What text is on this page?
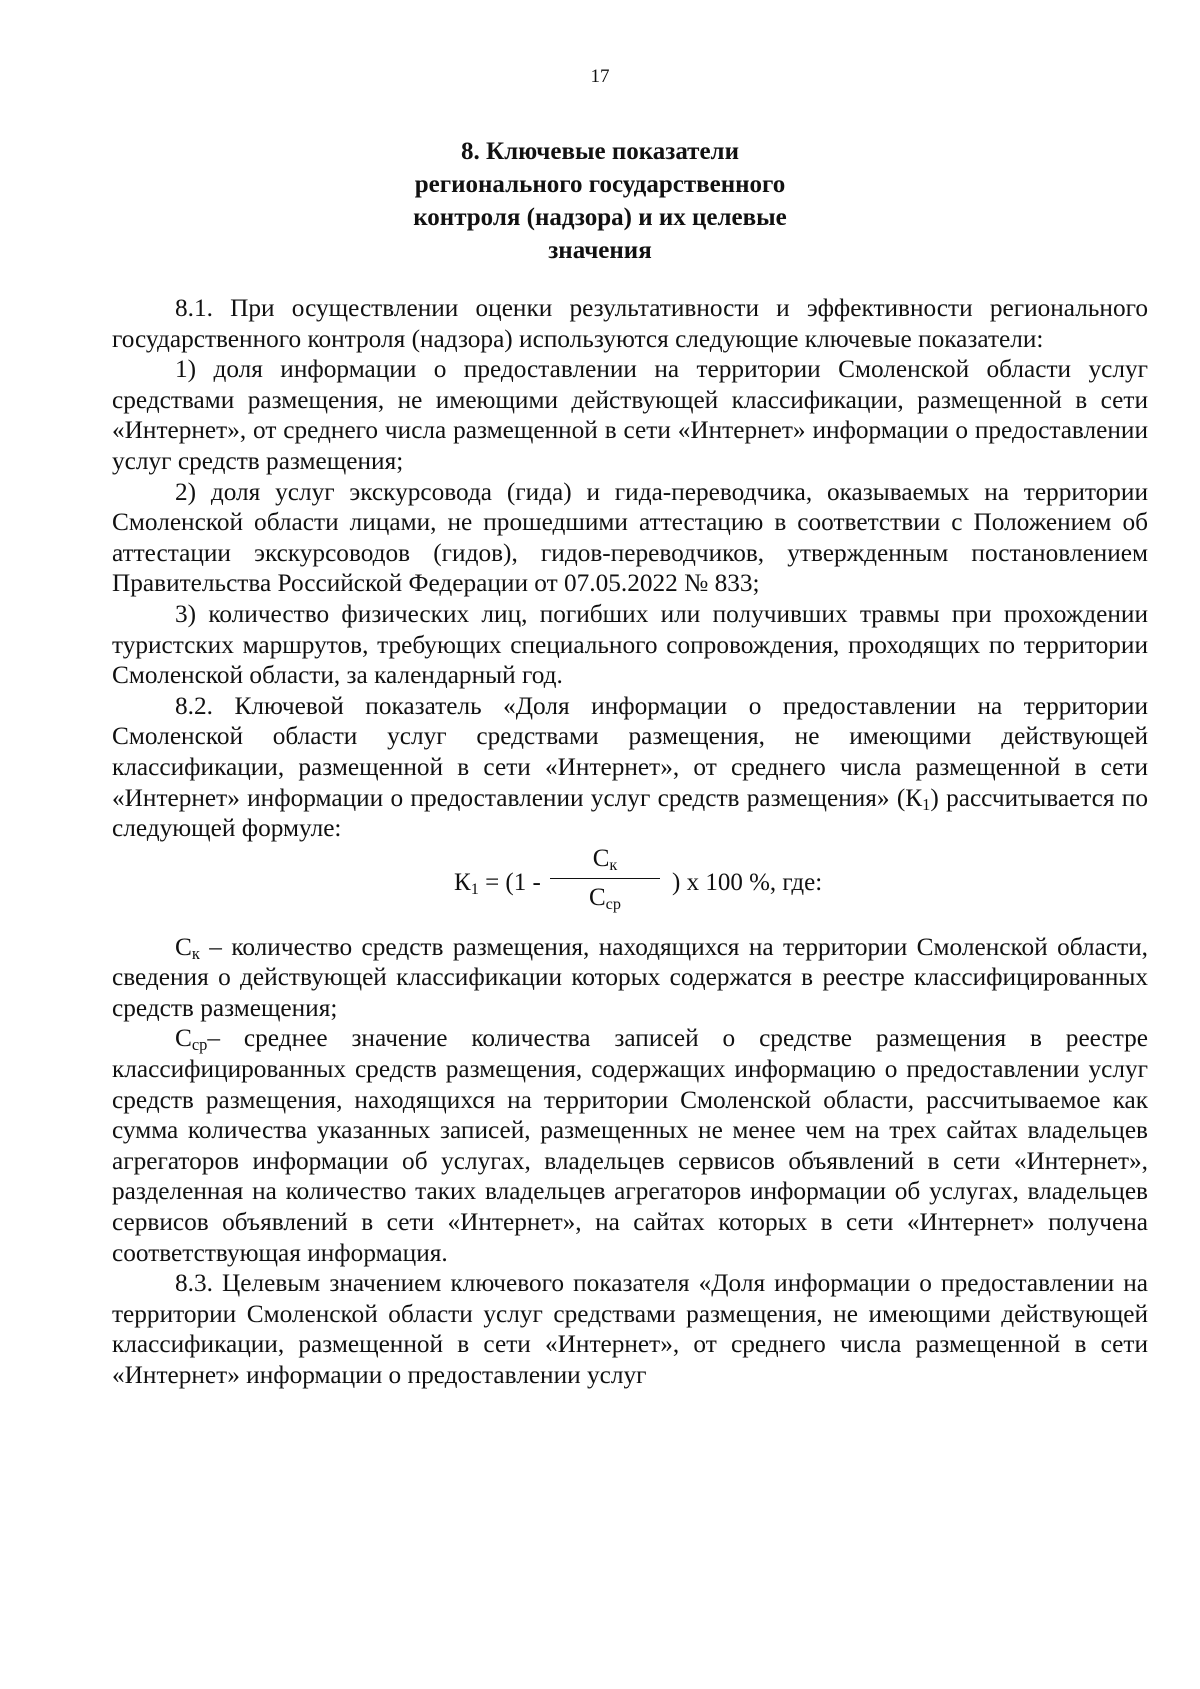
17
8. Ключевые показатели
регионального государственного
контроля (надзора) и их целевые
значения

8.1. При осуществлении оценки результативности и эффективности регионального государственного контроля (надзора) используются следующие ключевые показатели:

1) доля информации о предоставлении на территории Смоленской области услуг средствами размещения, не имеющими действующей классификации, размещенной в сети «Интернет», от среднего числа размещенной в сети «Интернет» информации о предоставлении услуг средств размещения;

2) доля услуг экскурсовода (гида) и гида-переводчика, оказываемых на территории Смоленской области лицами, не прошедшими аттестацию в соответствии с Положением об аттестации экскурсоводов (гидов), гидов-переводчиков, утвержденным постановлением Правительства Российской Федерации от 07.05.2022 № 833;

3) количество физических лиц, погибших или получивших травмы при прохождении туристских маршрутов, требующих специального сопровождения, проходящих по территории Смоленской области, за календарный год.

8.2. Ключевой показатель «Доля информации о предоставлении на территории Смоленской области услуг средствами размещения, не имеющими действующей классификации, размещенной в сети «Интернет», от среднего числа размещенной в сети «Интернет» информации о предоставлении услуг средств размещения» $(К_1)$ рассчитывается по следующей формуле:

$К_1 = (1$ -
$С_к$
$С_{ср}$
) х 100 %, где:

$С_к$ – количество средств размещения, находящихся на территории Смоленской области, сведения о действующей классификации которых содержатся в реестре классифицированных средств размещения;

$С_{ср}-$ среднее значение количества записей о средстве размещения в реестре классифицированных средств размещения, содержащих информацию о предоставлении услуг средств размещения, находящихся на территории Смоленской области, рассчитываемое как сумма количества указанных записей, размещенных не менее чем на трех сайтах владельцев агрегаторов информации об услугах, владельцев сервисов объявлений в сети «Интернет», разделенная на количество таких владельцев агрегаторов информации об услугах, владельцев сервисов объявлений в сети «Интернет», на сайтах которых в сети «Интернет» получена соответствующая информация.

8.3. Целевым значением ключевого показателя «Доля информации о предоставлении на территории Смоленской области услуг средствами размещения, не имеющими действующей классификации, размещенной в сети «Интернет», от среднего числа размещенной в сети «Интернет» информации о предоставлении услуг
